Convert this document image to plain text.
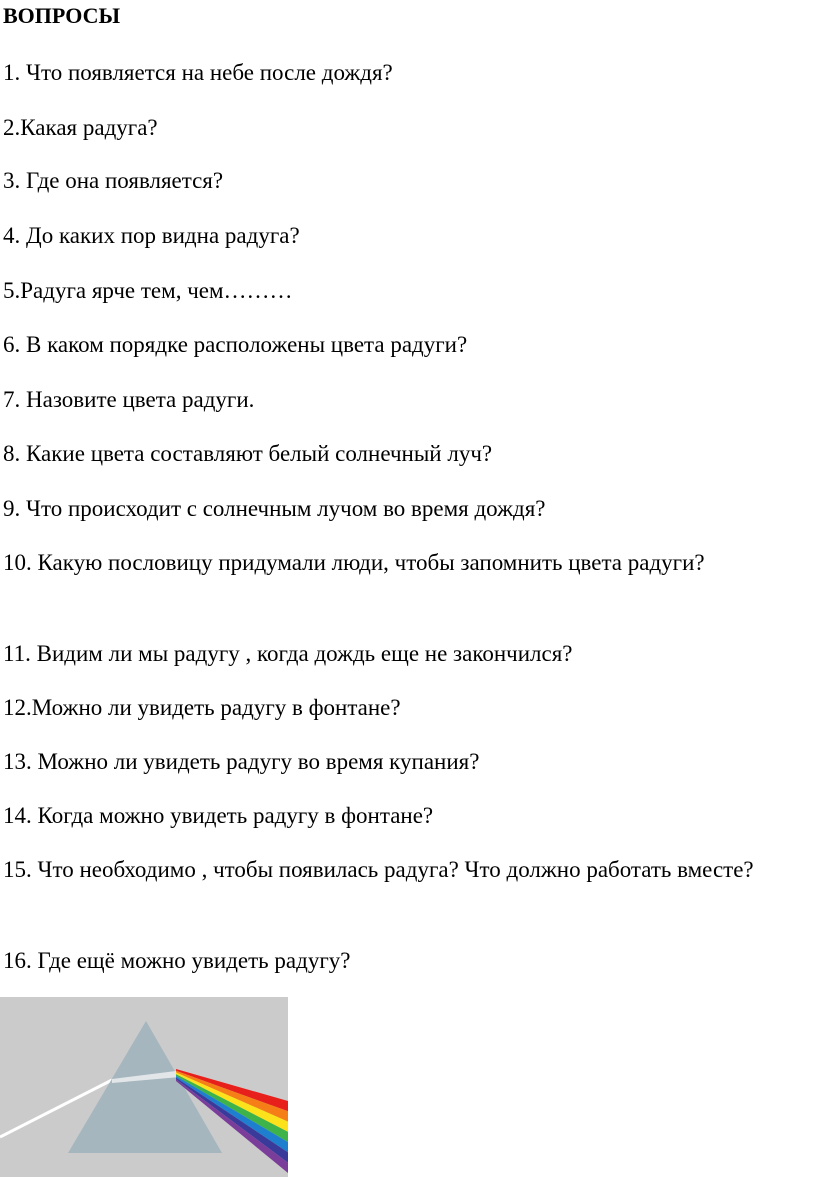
ВОПРОСЫ

1. Что появляется на небе после дождя?

2.Какая радуга?

3. Где она появляется?

4. До каких пор видна радуга?

5.Радуга ярче тем, чем………

6. В каком порядке расположены цвета радуги?

7. Назовите цвета радуги.

8. Какие цвета составляют белый солнечный луч?

9. Что происходит с солнечным лучом во время дождя?

10. Какую пословицу придумали люди, чтобы запомнить цвета радуги?

11. Видим ли мы радугу , когда дождь еще не закончился?

12.Можно ли увидеть радугу в фонтане?

13. Можно ли увидеть радугу во время купания?

14. Когда можно увидеть радугу в фонтане?

15. Что необходимо , чтобы появилась радуга? Что должно работать вместе?

16. Где ещё можно увидеть радугу?
